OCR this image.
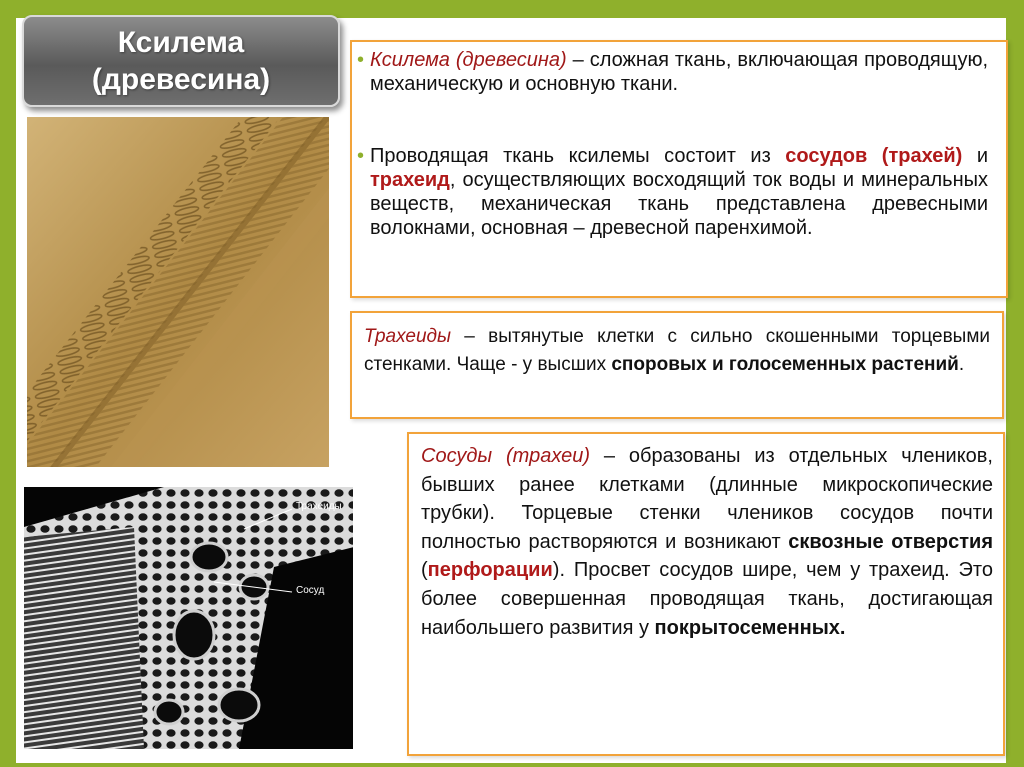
Ксилема
(древесина)
Трахеиды
Сосуд
• Ксилема (древесина) – сложная ткань, включающая проводящую, механическую и основную ткани.
• Проводящая ткань ксилемы состоит из сосудов (трахей) и трахеид, осуществляющих восходящий ток воды и минеральных веществ, механическая ткань представлена древесными волокнами, основная – древесной паренхимой.
Трахеиды – вытянутые клетки с сильно скошенными торцевыми стенками. Чаще - у высших споровых и голосеменных растений.
Сосуды (трахеи) – образованы из отдельных члеников, бывших ранее клетками (длинные микроскопические трубки). Торцевые стенки члеников сосудов почти полностью растворяются и возникают сквозные отверстия (перфорации). Просвет сосудов шире, чем у трахеид. Это более совершенная проводящая ткань, достигающая наибольшего развития у покрытосеменных.
